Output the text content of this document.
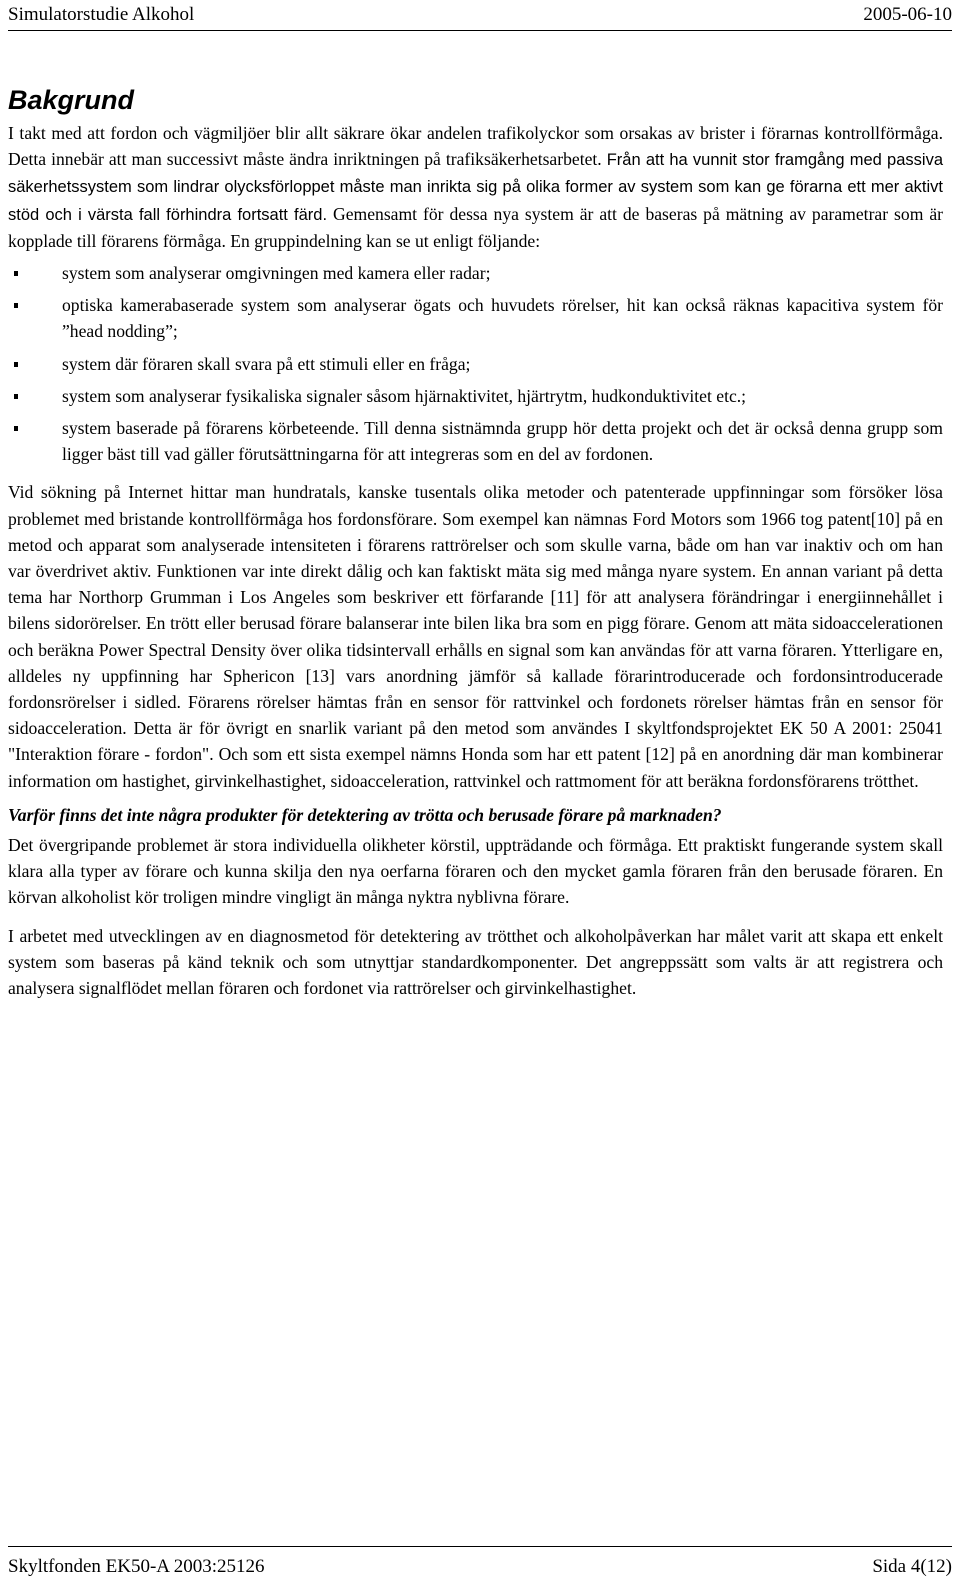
Simulatorstudie Alkohol	2005-06-10
Bakgrund

I takt med att fordon och vägmiljöer blir allt säkrare ökar andelen trafikolyckor som orsakas av brister i förarnas kontrollförmåga. Detta innebär att man successivt måste ändra inriktningen på trafiksäkerhetsarbetet. Från att ha vunnit stor framgång med passiva säkerhetssystem som lindrar olycksförloppet måste man inrikta sig på olika former av system som kan ge förarna ett mer aktivt stöd och i värsta fall förhindra fortsatt färd. Gemensamt för dessa nya system är att de baseras på mätning av parametrar som är kopplade till förarens förmåga. En gruppindelning kan se ut enligt följande:

system som analyserar omgivningen med kamera eller radar;
optiska kamerabaserade system som analyserar ögats och huvudets rörelser, hit kan också räknas kapacitiva system för ”head nodding”;
system där föraren skall svara på ett stimuli eller en fråga;
system som analyserar fysikaliska signaler såsom hjärnaktivitet, hjärtrytm, hudkonduktivitet etc.;
system baserade på förarens körbeteende. Till denna sistnämnda grupp hör detta projekt och det är också denna grupp som ligger bäst till vad gäller förutsättningarna för att integreras som en del av fordonen.

Vid sökning på Internet hittar man hundratals, kanske tusentals olika metoder och patenterade uppfinningar som försöker lösa problemet med bristande kontrollförmåga hos fordonsförare. Som exempel kan nämnas Ford Motors som 1966 tog patent[10] på en metod och apparat som analyserade intensiteten i förarens rattrörelser och som skulle varna, både om han var inaktiv och om han var överdrivet aktiv. Funktionen var inte direkt dålig och kan faktiskt mäta sig med många nyare system. En annan variant på detta tema har Northorp Grumman i Los Angeles som beskriver ett förfarande [11] för att analysera förändringar i energiinnehållet i bilens sidorörelser. En trött eller berusad förare balanserar inte bilen lika bra som en pigg förare. Genom att mäta sidoaccelerationen och beräkna Power Spectral Density över olika tidsintervall erhålls en signal som kan användas för att varna föraren. Ytterligare en, alldeles ny uppfinning har Sphericon [13] vars anordning jämför så kallade förarintroducerade och fordonsintroducerade fordonsrörelser i sidled. Förarens rörelser hämtas från en sensor för rattvinkel och fordonets rörelser hämtas från en sensor för sidoacceleration. Detta är för övrigt en snarlik variant på den metod som användes I skyltfondsprojektet EK 50 A 2001: 25041 "Interaktion förare - fordon". Och som ett sista exempel nämns Honda som har ett patent [12] på en anordning där man kombinerar information om hastighet, girvinkelhastighet, sidoacceleration, rattvinkel och rattmoment för att beräkna fordonsförarens trötthet.

Varför finns det inte några produkter för detektering av trötta och berusade förare på marknaden?

Det övergripande problemet är stora individuella olikheter körstil, uppträdande och förmåga. Ett praktiskt fungerande system skall klara alla typer av förare och kunna skilja den nya oerfarna föraren och den mycket gamla föraren från den berusade föraren. En körvan alkoholist kör troligen mindre vingligt än många nyktra nyblivna förare.

I arbetet med utvecklingen av en diagnosmetod för detektering av trötthet och alkoholpåverkan har målet varit att skapa ett enkelt system som baseras på känd teknik och som utnyttjar standardkomponenter. Det angreppssätt som valts är att registrera och analysera signalflödet mellan föraren och fordonet via rattrörelser och girvinkelhastighet.

Skyltfonden EK50-A 2003:25126	Sida 4(12)
